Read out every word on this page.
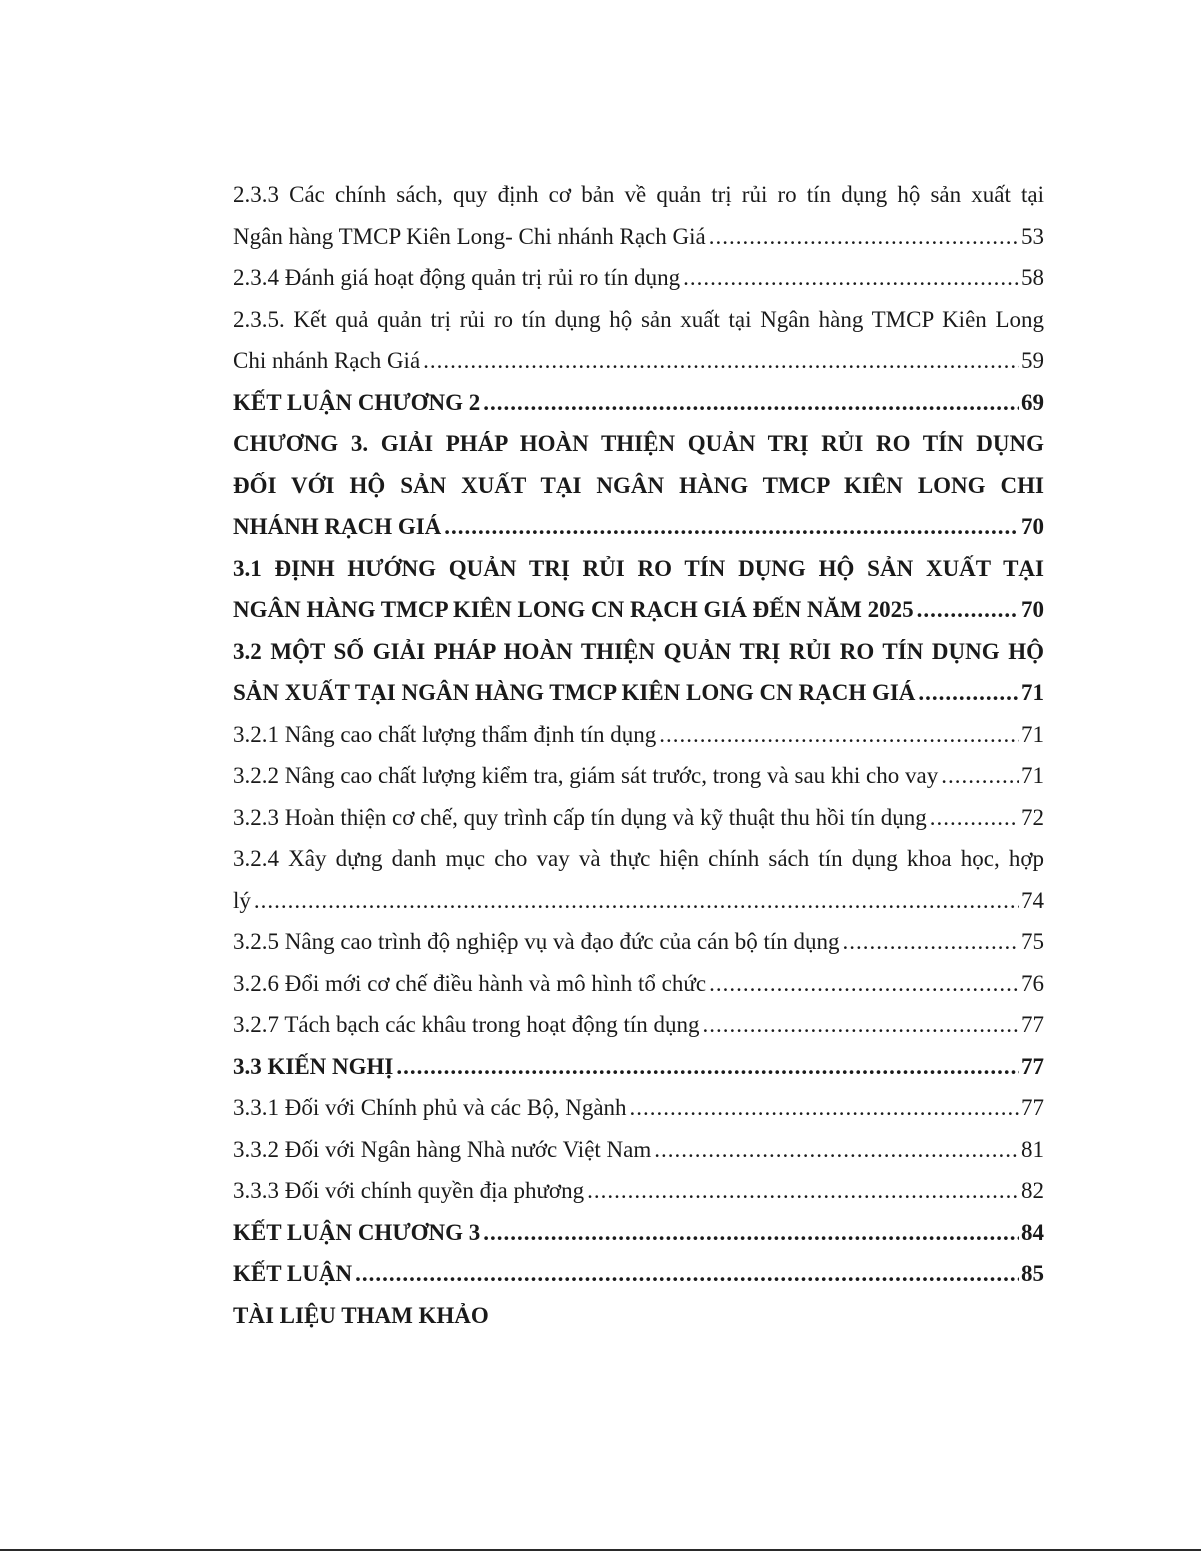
2.3.3 Các chính sách, quy định cơ bản về quản trị rủi ro tín dụng hộ sản xuất tại
Ngân hàng TMCP Kiên Long- Chi nhánh Rạch Giá .....	53
2.3.4 Đánh giá hoạt động quản trị rủi ro tín dụng .....	58
2.3.5. Kết quả quản trị rủi ro tín dụng hộ sản xuất tại Ngân hàng TMCP Kiên Long
Chi nhánh Rạch Giá .....	59
KẾT LUẬN CHƯƠNG 2 .....	69
CHƯƠNG 3. GIẢI PHÁP HOÀN THIỆN QUẢN TRỊ RỦI RO TÍN DỤNG
ĐỐI VỚI HỘ SẢN XUẤT TẠI NGÂN HÀNG TMCP KIÊN LONG CHI
NHÁNH RẠCH GIÁ .....	70
3.1 ĐỊNH HƯỚNG QUẢN TRỊ RỦI RO TÍN DỤNG HỘ SẢN XUẤT TẠI
NGÂN HÀNG TMCP KIÊN LONG CN RẠCH GIÁ ĐẾN NĂM 2025 .....	70
3.2 MỘT SỐ GIẢI PHÁP HOÀN THIỆN QUẢN TRỊ RỦI RO TÍN DỤNG HỘ
SẢN XUẤT TẠI NGÂN HÀNG TMCP KIÊN LONG CN RẠCH GIÁ .....	71
3.2.1 Nâng cao chất lượng thẩm định tín dụng .....	71
3.2.2 Nâng cao chất lượng kiểm tra, giám sát trước, trong và sau khi cho vay .....	71
3.2.3 Hoàn thiện cơ chế, quy trình cấp tín dụng và kỹ thuật thu hồi tín dụng .....	72
3.2.4 Xây dựng danh mục cho vay và thực hiện chính sách tín dụng khoa học, hợp
lý .....	74
3.2.5 Nâng cao trình độ nghiệp vụ và đạo đức của cán bộ tín dụng .....	75
3.2.6 Đổi mới cơ chế điều hành và mô hình tổ chức .....	76
3.2.7 Tách bạch các khâu trong hoạt động tín dụng .....	77
3.3 KIẾN NGHỊ .....	77
3.3.1 Đối với Chính phủ và các Bộ, Ngành .....	77
3.3.2 Đối với Ngân hàng Nhà nước Việt Nam .....	81
3.3.3 Đối với chính quyền địa phương .....	82
KẾT LUẬN CHƯƠNG 3 .....	84
KẾT LUẬN .....	85
TÀI LIỆU THAM KHẢO
